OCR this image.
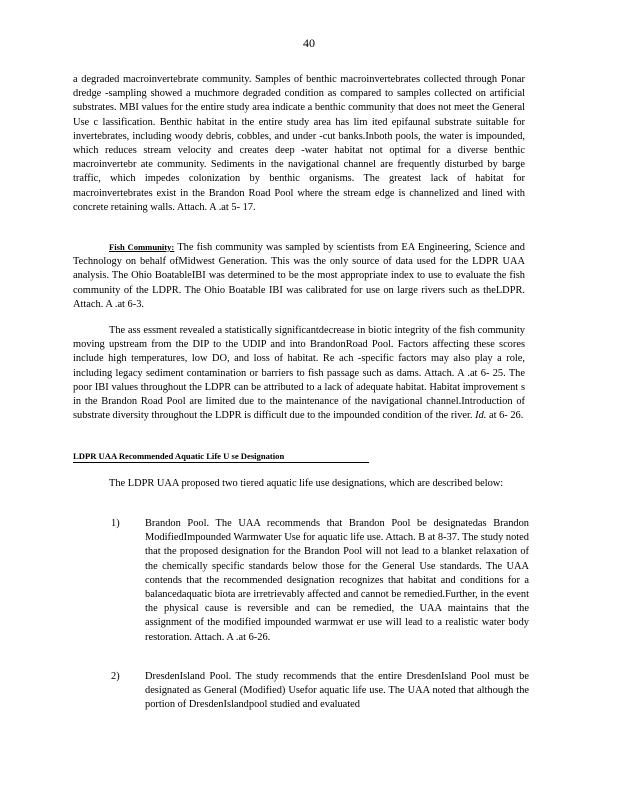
40
a degraded macroinvertebrate community. Samples of benthic macroinvertebrates collected through Ponar dredge -sampling showed a muchmore degraded condition as compared to samples collected on artificial substrates. MBI values for the entire study area indicate a benthic community that does not meet the General Use c lassification. Benthic habitat in the entire study area has lim ited epifaunal substrate suitable for invertebrates, including woody debris, cobbles, and under -cut banks.Inboth pools, the water is impounded, which reduces stream velocity and creates deep -water habitat not optimal for a diverse benthic macroinvertebr ate community. Sediments in the navigational channel are frequently disturbed by barge traffic, which impedes colonization by benthic organisms. The greatest lack of habitat for macroinvertebrates exist in the Brandon Road Pool where the stream edge is channelized and lined with concrete retaining walls. Attach. A .at 5- 17.
Fish Community: The fish community was sampled by scientists from EA Engineering, Science and Technology on behalf ofMidwest Generation. This was the only source of data used for the LDPR UAA analysis. The Ohio BoatableIBI was determined to be the most appropriate index to use to evaluate the fish community of the LDPR. The Ohio Boatable IBI was calibrated for use on large rivers such as theLDPR. Attach. A .at 6-3.
The ass essment revealed a statistically significantdecrease in biotic integrity of the fish community moving upstream from the DIP to the UDIP and into BrandonRoad Pool. Factors affecting these scores include high temperatures, low DO, and loss of habitat. Re ach -specific factors may also play a role, including legacy sediment contamination or barriers to fish passage such as dams. Attach. A .at 6- 25. The poor IBI values throughout the LDPR can be attributed to a lack of adequate habitat. Habitat improvement s in the Brandon Road Pool are limited due to the maintenance of the navigational channel.Introduction of substrate diversity throughout the LDPR is difficult due to the impounded condition of the river. Id. at 6- 26.
LDPR UAA Recommended Aquatic Life U se Designation
The LDPR UAA proposed two tiered aquatic life use designations, which are described below:
1)	Brandon Pool. The UAA recommends that Brandon Pool be designatedas Brandon ModifiedImpounded Warmwater Use for aquatic life use. Attach. B at 8-37. The study noted that the proposed designation for the Brandon Pool will not lead to a blanket relaxation of the chemically specific standards below those for the General Use standards. The UAA contends that the recommended designation recognizes that habitat and conditions for a balancedaquatic biota are irretrievably affected and cannot be remedied.Further, in the event the physical cause is reversible and can be remedied, the UAA maintains that the assignment of the modified impounded warmwat er use will lead to a realistic water body restoration. Attach. A .at 6-26.
2)	DresdenIsland Pool. The study recommends that the entire DresdenIsland Pool must be designated as General (Modified) Usefor aquatic life use. The UAA noted that although the portion of DresdenIslandpool studied and evaluated
